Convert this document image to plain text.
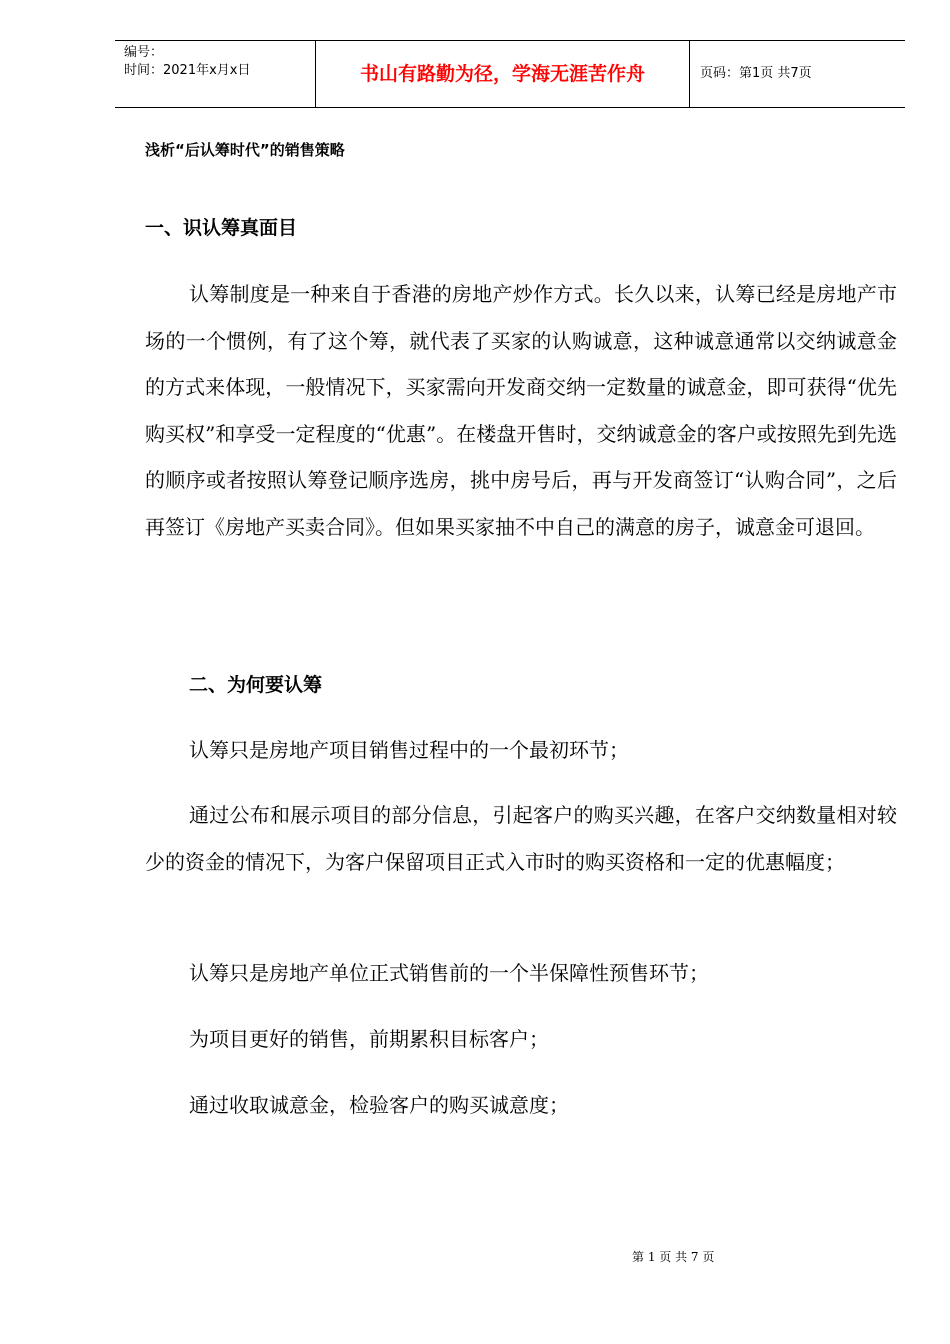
编号：
时间：2021年x月x日	书山有路勤为径，学海无涯苦作舟	页码：第1页 共7页
浅析“后认筹时代”的销售策略
一、识认筹真面目

认筹制度是一种来自于香港的房地产炒作方式。长久以来，认筹已经是房地产市场的一个惯例，有了这个筹，就代表了买家的认购诚意，这种诚意通常以交纳诚意金的方式来体现，一般情况下，买家需向开发商交纳一定数量的诚意金，即可获得“优先购买权”和享受一定程度的“优惠”。在楼盘开售时，交纳诚意金的客户或按照先到先选的顺序或者按照认筹登记顺序选房，挑中房号后，再与开发商签订“认购合同”，之后再签订《房地产买卖合同》。但如果买家抽不中自己的满意的房子，诚意金可退回。

二、为何要认筹
认筹只是房地产项目销售过程中的一个最初环节；

通过公布和展示项目的部分信息，引起客户的购买兴趣，在客户交纳数量相对较少的资金的情况下，为客户保留项目正式入市时的购买资格和一定的优惠幅度；

认筹只是房地产单位正式销售前的一个半保障性预售环节；
为项目更好的销售，前期累积目标客户；
通过收取诚意金，检验客户的购买诚意度；
第 1 页 共 7 页
